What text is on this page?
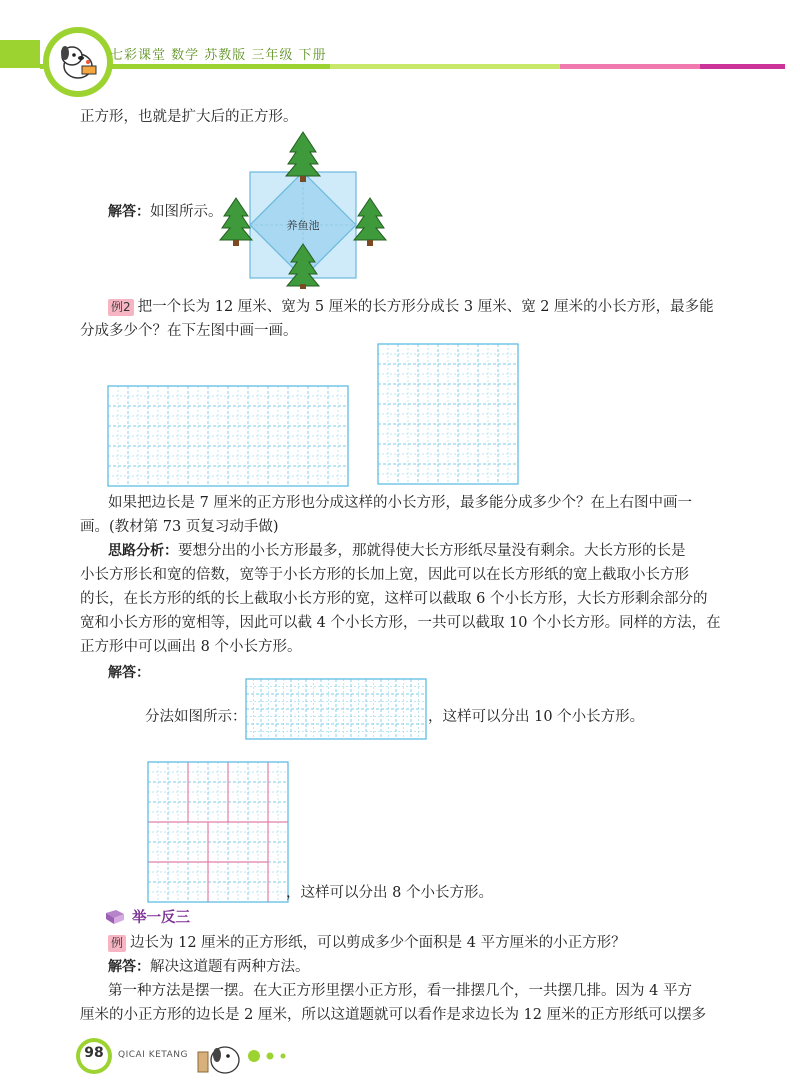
七彩课堂 数学 苏教版 三年级 下册
正方形，也就是扩大后的正方形。
解答：如图所示。
养鱼池
例2 把一个长为 12 厘米、宽为 5 厘米的长方形分成长 3 厘米、宽 2 厘米的小长方形，最多能
分成多少个？在下左图中画一画。
如果把边长是 7 厘米的正方形也分成这样的小长方形，最多能分成多少个？在上右图中画一
画。(教材第 73 页复习动手做)
思路分析：要想分出的小长方形最多，那就得使大长方形纸尽量没有剩余。大长方形的长是
小长方形长和宽的倍数，宽等于小长方形的长加上宽，因此可以在长方形纸的宽上截取小长方形
的长，在长方形的纸的长上截取小长方形的宽，这样可以截取 6 个小长方形，大长方形剩余部分的
宽和小长方形的宽相等，因此可以截 4 个小长方形，一共可以截取 10 个小长方形。同样的方法，在
正方形中可以画出 8 个小长方形。
解答：
分法如图所示：	，这样可以分出 10 个小长方形。
，这样可以分出 8 个小长方形。
举一反三
例 边长为 12 厘米的正方形纸，可以剪成多少个面积是 4 平方厘米的小正方形？
解答：解决这道题有两种方法。
第一种方法是摆一摆。在大正方形里摆小正方形，看一排摆几个，一共摆几排。因为 4 平方
厘米的小正方形的边长是 2 厘米，所以这道题就可以看作是求边长为 12 厘米的正方形纸可以摆多
98	QICAI KETANG
